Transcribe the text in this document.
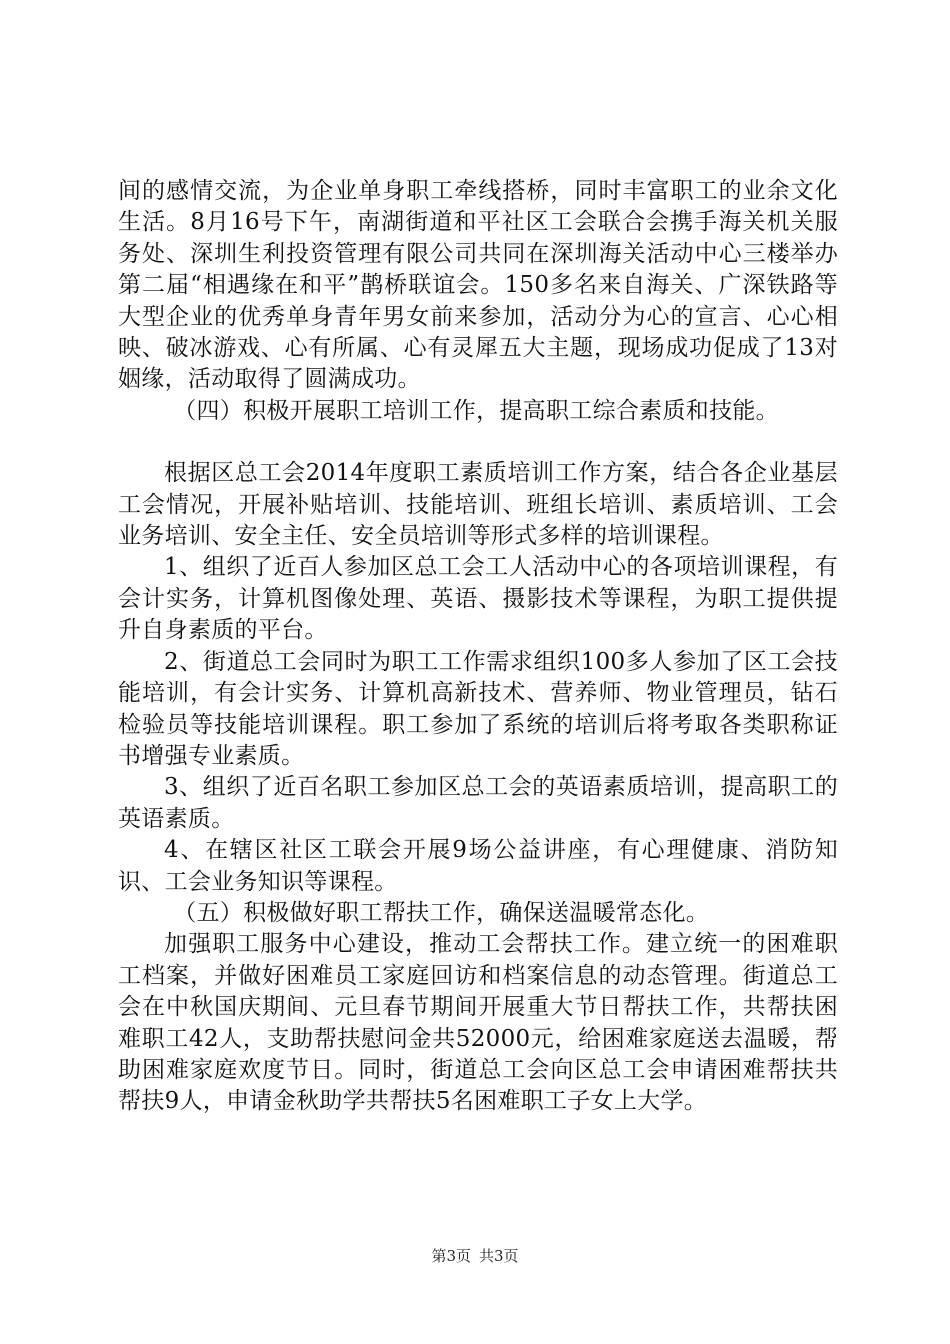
间的感情交流，为企业单身职工牵线搭桥，同时丰富职工的业余文化生活。8月16号下午，南湖街道和平社区工会联合会携手海关机关服务处、深圳生利投资管理有限公司共同在深圳海关活动中心三楼举办第二届“相遇缘在和平”鹊桥联谊会。150多名来自海关、广深铁路等大型企业的优秀单身青年男女前来参加，活动分为心的宣言、心心相映、破冰游戏、心有所属、心有灵犀五大主题，现场成功促成了13对姻缘，活动取得了圆满成功。

（四）积极开展职工培训工作，提高职工综合素质和技能。

根据区总工会2014年度职工素质培训工作方案，结合各企业基层工会情况，开展补贴培训、技能培训、班组长培训、素质培训、工会业务培训、安全主任、安全员培训等形式多样的培训课程。

1、组织了近百人参加区总工会工人活动中心的各项培训课程，有会计实务，计算机图像处理、英语、摄影技术等课程，为职工提供提升自身素质的平台。

2、街道总工会同时为职工工作需求组织100多人参加了区工会技能培训，有会计实务、计算机高新技术、营养师、物业管理员，钻石检验员等技能培训课程。职工参加了系统的培训后将考取各类职称证书增强专业素质。

3、组织了近百名职工参加区总工会的英语素质培训，提高职工的英语素质。

4、在辖区社区工联会开展9场公益讲座，有心理健康、消防知识、工会业务知识等课程。

（五）积极做好职工帮扶工作，确保送温暖常态化。

加强职工服务中心建设，推动工会帮扶工作。建立统一的困难职工档案，并做好困难员工家庭回访和档案信息的动态管理。街道总工会在中秋国庆期间、元旦春节期间开展重大节日帮扶工作，共帮扶困难职工42人，支助帮扶慰问金共52000元，给困难家庭送去温暖，帮助困难家庭欢度节日。同时，街道总工会向区总工会申请困难帮扶共帮扶9人，申请金秋助学共帮扶5名困难职工子女上大学。

第3页 共3页
